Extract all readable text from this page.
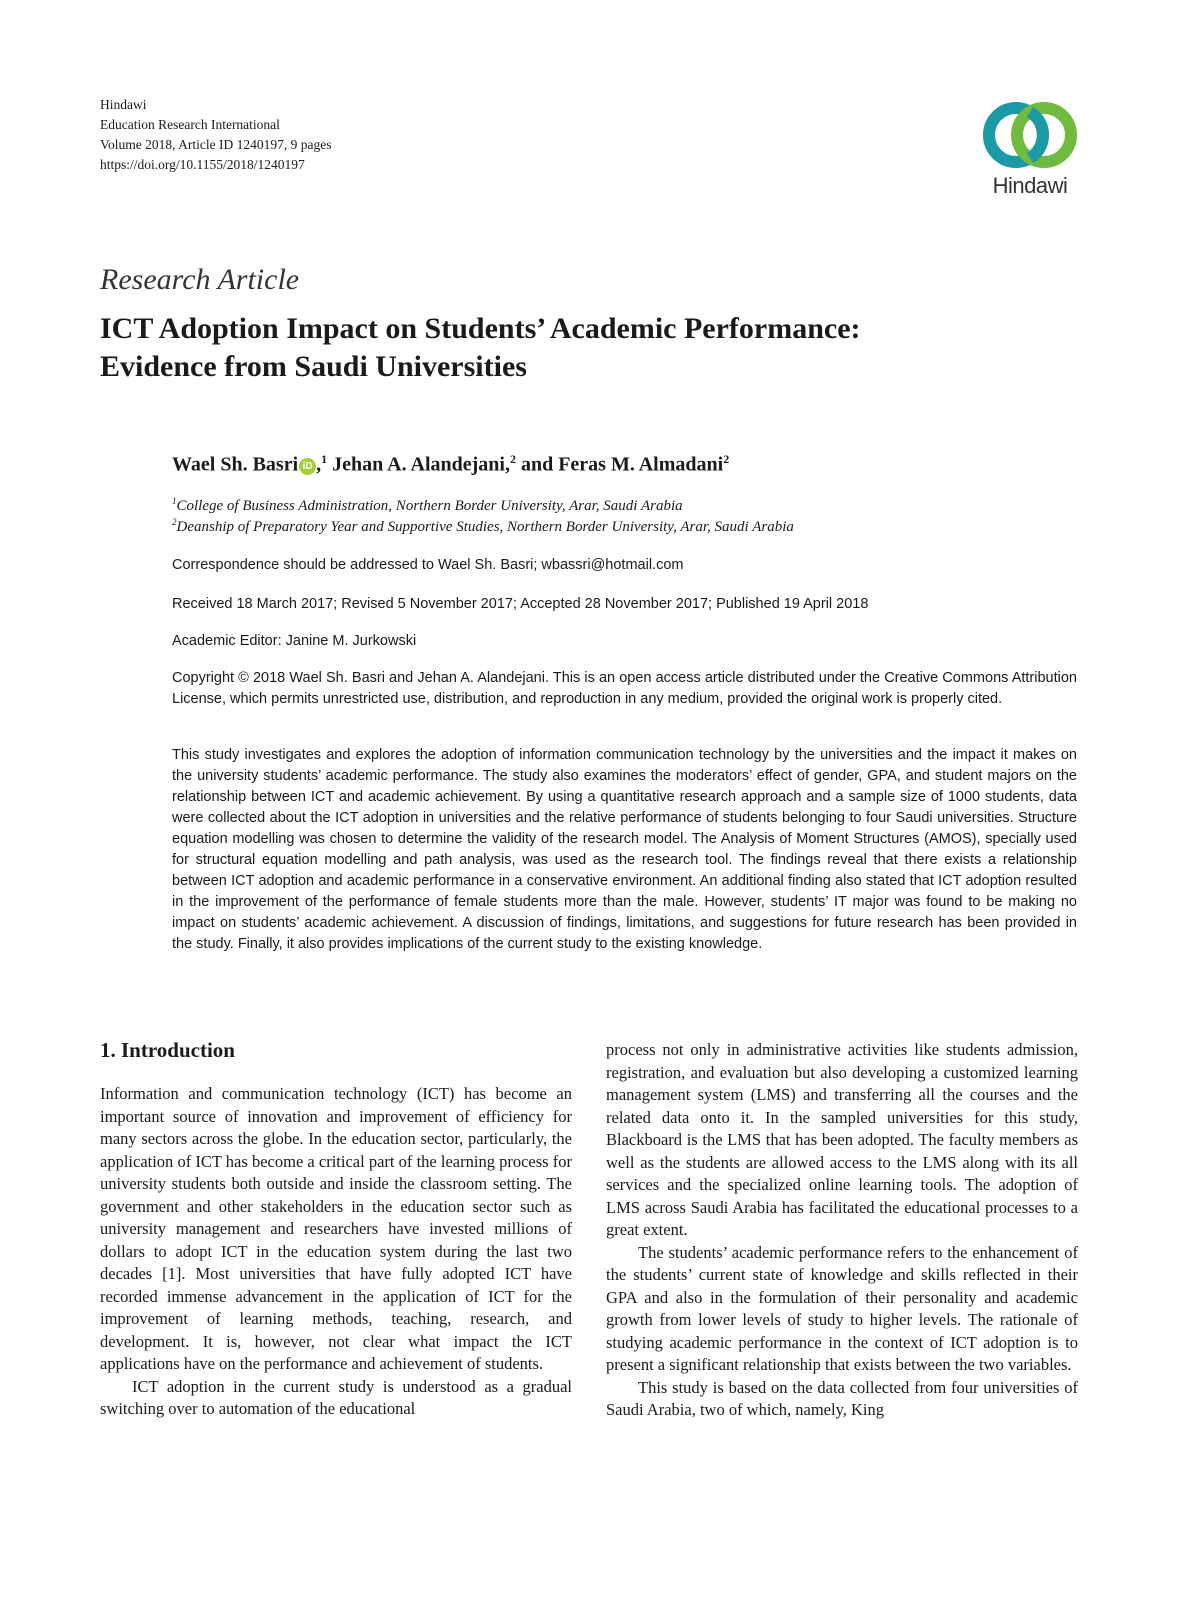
Hindawi
Education Research International
Volume 2018, Article ID 1240197, 9 pages
https://doi.org/10.1155/2018/1240197
Hindawi
Research Article
ICT Adoption Impact on Students’ Academic Performance:
Evidence from Saudi Universities
Wael Sh. Basri iD ,$^1$ Jehan A. Alandejani,$^2$ and Feras M. Almadani$^2$
$^1$College of Business Administration, Northern Border University, Arar, Saudi Arabia
$^2$Deanship of Preparatory Year and Supportive Studies, Northern Border University, Arar, Saudi Arabia
Correspondence should be addressed to Wael Sh. Basri; wbassri@hotmail.com
Received 18 March 2017; Revised 5 November 2017; Accepted 28 November 2017; Published 19 April 2018
Academic Editor: Janine M. Jurkowski
Copyright © 2018 Wael Sh. Basri and Jehan A. Alandejani. This is an open access article distributed under the Creative Commons Attribution License, which permits unrestricted use, distribution, and reproduction in any medium, provided the original work is properly cited.
This study investigates and explores the adoption of information communication technology by the universities and the impact it makes on the university students’ academic performance. The study also examines the moderators’ effect of gender, GPA, and student majors on the relationship between ICT and academic achievement. By using a quantitative research approach and a sample size of 1000 students, data were collected about the ICT adoption in universities and the relative performance of students belonging to four Saudi universities. Structure equation modelling was chosen to determine the validity of the research model. The Analysis of Moment Structures (AMOS), specially used for structural equation modelling and path analysis, was used as the research tool. The findings reveal that there exists a relationship between ICT adoption and academic performance in a conservative environment. An additional finding also stated that ICT adoption resulted in the improvement of the performance of female students more than the male. However, students’ IT major was found to be making no impact on students’ academic achievement. A discussion of findings, limitations, and suggestions for future research has been provided in the study. Finally, it also provides implications of the current study to the existing knowledge.
1. Introduction

Information and communication technology (ICT) has become an important source of innovation and improvement of efficiency for many sectors across the globe. In the education sector, particularly, the application of ICT has become a critical part of the learning process for university students both outside and inside the classroom setting. The government and other stakeholders in the education sector such as university management and researchers have invested millions of dollars to adopt ICT in the education system during the last two decades [1]. Most universities that have fully adopted ICT have recorded immense advancement in the application of ICT for the improvement of learning methods, teaching, research, and development. It is, however, not clear what impact the ICT applications have on the performance and achievement of students.

ICT adoption in the current study is understood as a gradual switching over to automation of the educational

process not only in administrative activities like students admission, registration, and evaluation but also developing a customized learning management system (LMS) and transferring all the courses and the related data onto it. In the sampled universities for this study, Blackboard is the LMS that has been adopted. The faculty members as well as the students are allowed access to the LMS along with its all services and the specialized online learning tools. The adoption of LMS across Saudi Arabia has facilitated the educational processes to a great extent.

The students’ academic performance refers to the enhancement of the students’ current state of knowledge and skills reflected in their GPA and also in the formulation of their personality and academic growth from lower levels of study to higher levels. The rationale of studying academic performance in the context of ICT adoption is to present a significant relationship that exists between the two variables.

This study is based on the data collected from four universities of Saudi Arabia, two of which, namely, King
